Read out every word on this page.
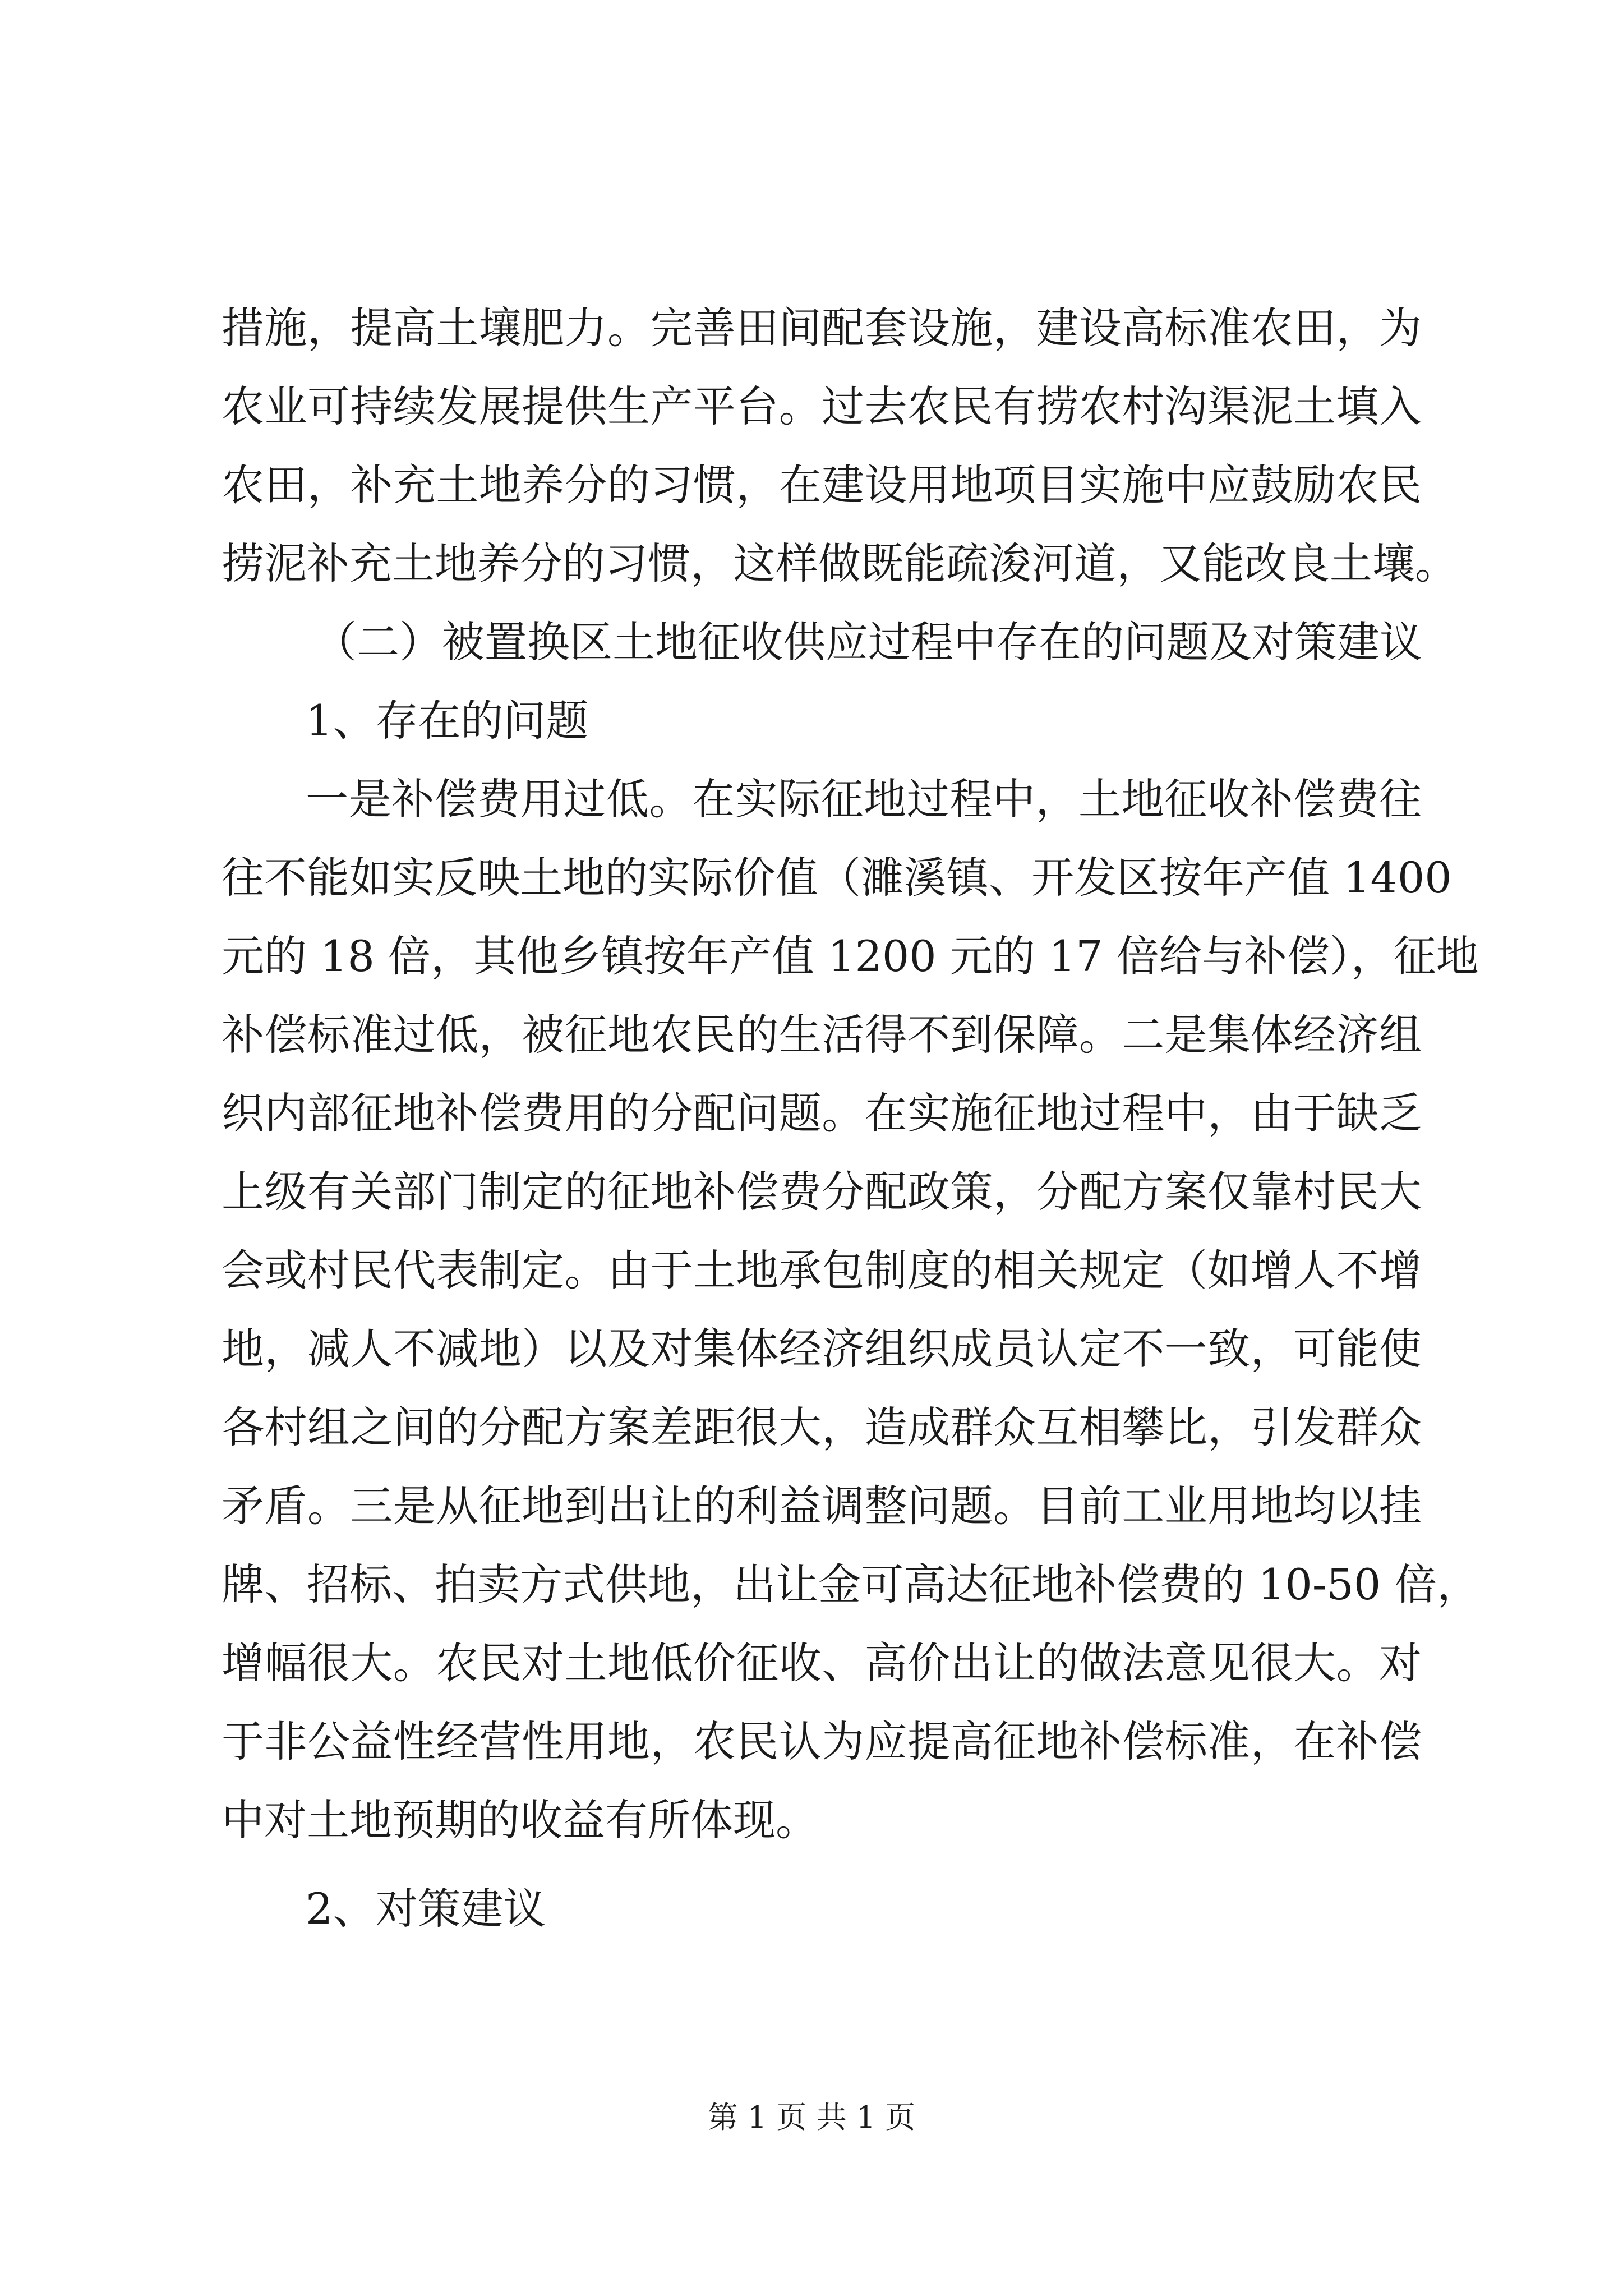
措施，提高土壤肥力。完善田间配套设施，建设高标准农田，为
农业可持续发展提供生产平台。过去农民有捞农村沟渠泥土填入
农田，补充土地养分的习惯，在建设用地项目实施中应鼓励农民
捞泥补充土地养分的习惯，这样做既能疏浚河道，又能改良土壤。
（二）被置换区土地征收供应过程中存在的问题及对策建议
1、存在的问题
一是补偿费用过低。在实际征地过程中，土地征收补偿费往
往不能如实反映土地的实际价值（濉溪镇、开发区按年产值 1400
元的 18 倍，其他乡镇按年产值 1200 元的 17 倍给与补偿），征地
补偿标准过低，被征地农民的生活得不到保障。二是集体经济组
织内部征地补偿费用的分配问题。在实施征地过程中，由于缺乏
上级有关部门制定的征地补偿费分配政策，分配方案仅靠村民大
会或村民代表制定。由于土地承包制度的相关规定（如增人不增
地，减人不减地）以及对集体经济组织成员认定不一致，可能使
各村组之间的分配方案差距很大，造成群众互相攀比，引发群众
矛盾。三是从征地到出让的利益调整问题。目前工业用地均以挂
牌、招标、拍卖方式供地，出让金可高达征地补偿费的 10-50 倍，
增幅很大。农民对土地低价征收、高价出让的做法意见很大。对
于非公益性经营性用地，农民认为应提高征地补偿标准，在补偿
中对土地预期的收益有所体现。
2、对策建议
第 1 页 共 1 页
